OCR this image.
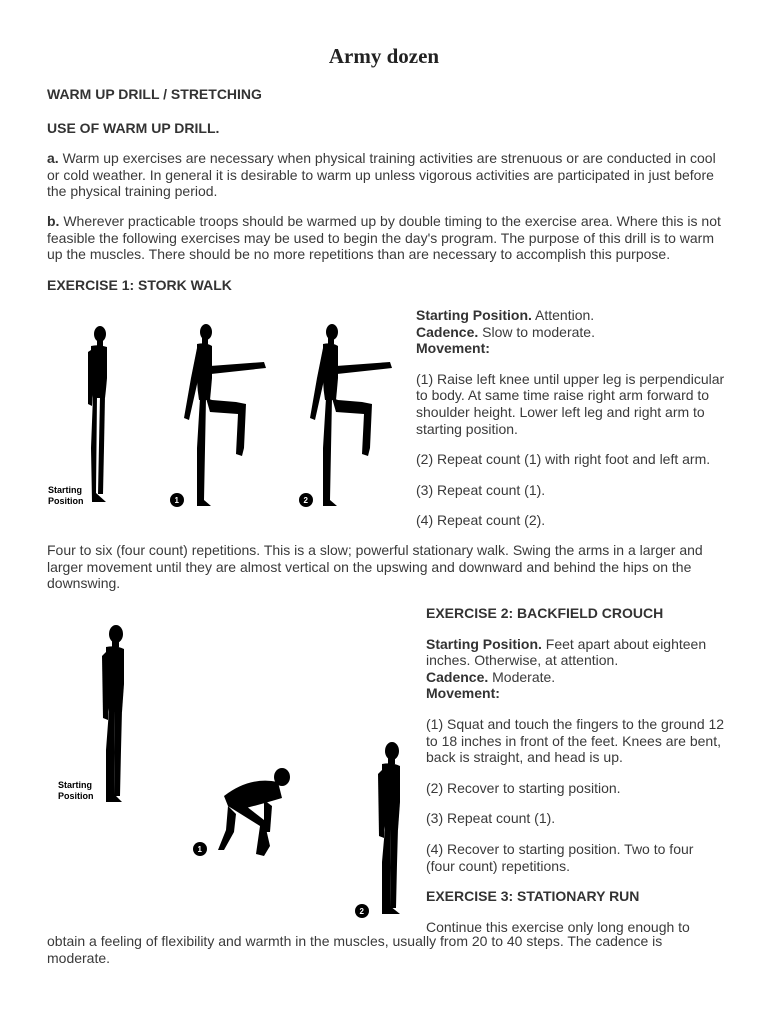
Army dozen
WARM UP DRILL / STRETCHING
USE OF WARM UP DRILL.
a. Warm up exercises are necessary when physical training activities are strenuous or are conducted in cool or cold weather. In general it is desirable to warm up unless vigorous activities are participated in just before the physical training period.
b. Wherever practicable troops should be warmed up by double timing to the exercise area. Where this is not feasible the following exercises may be used to begin the day's program. The purpose of this drill is to warm up the muscles. There should be no more repetitions than are necessary to accomplish this purpose.
EXERCISE 1: STORK WALK
Starting
Position	1	2

Starting Position. Attention.

Cadence. Slow to moderate.

Movement:

(1) Raise left knee until upper leg is perpendicular to body. At same time raise right arm forward to shoulder height. Lower left leg and right arm to starting position.

(2) Repeat count (1) with right foot and left arm.

(3) Repeat count (1).

(4) Repeat count (2).

Four to six (four count) repetitions. This is a slow; powerful stationary walk. Swing the arms in a larger and larger movement until they are almost vertical on the upswing and downward and behind the hips on the downswing.
Starting
Position
1
2

EXERCISE 2: BACKFIELD CROUCH

Starting Position. Feet apart about eighteen inches. Otherwise, at attention.

Cadence. Moderate.

Movement:

(1) Squat and touch the fingers to the ground 12 to 18 inches in front of the feet. Knees are bent, back is straight, and head is up.

(2) Recover to starting position.

(3) Repeat count (1).

(4) Recover to starting position. Two to four (four count) repetitions.

EXERCISE 3: STATIONARY RUN

Continue this exercise only long enough to

obtain a feeling of flexibility and warmth in the muscles, usually from 20 to 40 steps. The cadence is moderate.
